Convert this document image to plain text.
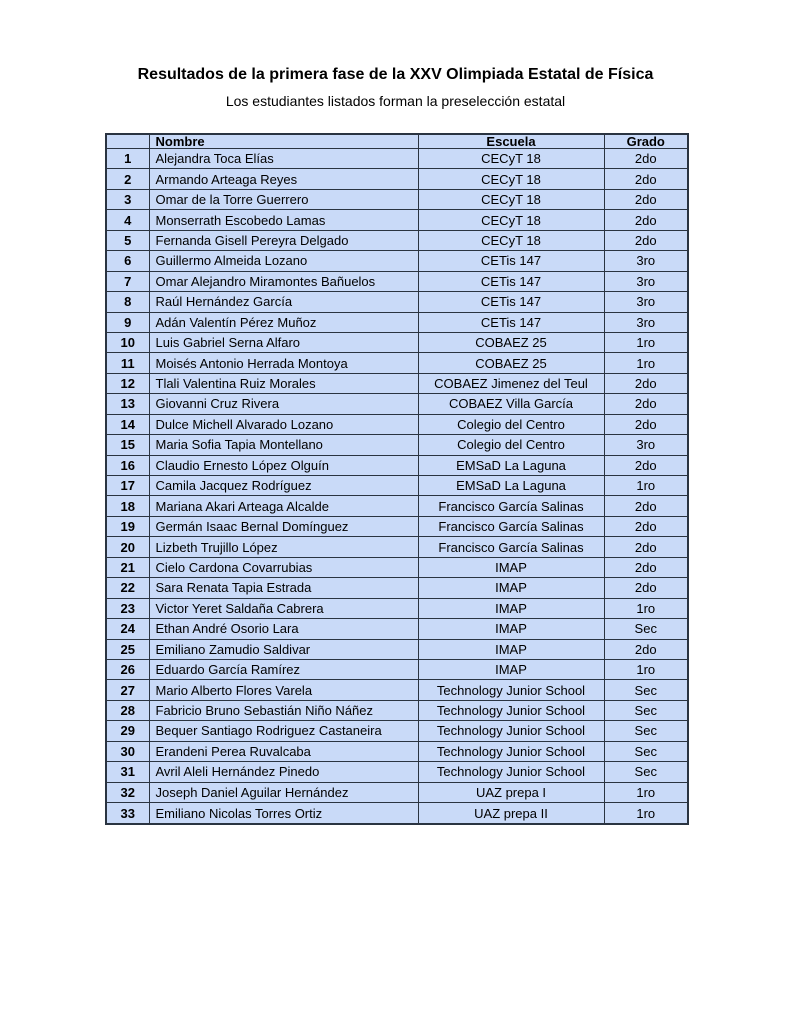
Resultados de la primera fase de la XXV Olimpiada Estatal de Física

Los estudiantes listados forman la preselección estatal

	Nombre	Escuela	Grado
1	Alejandra Toca Elías	CECyT 18	2do
2	Armando Arteaga Reyes	CECyT 18	2do
3	Omar de la Torre Guerrero	CECyT 18	2do
4	Monserrath Escobedo Lamas	CECyT 18	2do
5	Fernanda Gisell Pereyra Delgado	CECyT 18	2do
6	Guillermo Almeida Lozano	CETis 147	3ro
7	Omar Alejandro Miramontes Bañuelos	CETis 147	3ro
8	Raúl Hernández García	CETis 147	3ro
9	Adán Valentín Pérez Muñoz	CETis 147	3ro
10	Luis Gabriel Serna Alfaro	COBAEZ 25	1ro
11	Moisés Antonio Herrada Montoya	COBAEZ 25	1ro
12	Tlali Valentina Ruiz Morales	COBAEZ Jimenez del Teul	2do
13	Giovanni Cruz Rivera	COBAEZ Villa García	2do
14	Dulce Michell Alvarado Lozano	Colegio del Centro	2do
15	Maria Sofia Tapia Montellano	Colegio del Centro	3ro
16	Claudio Ernesto López Olguín	EMSaD La Laguna	2do
17	Camila Jacquez Rodríguez	EMSaD La Laguna	1ro
18	Mariana Akari Arteaga Alcalde	Francisco García Salinas	2do
19	Germán Isaac Bernal Domínguez	Francisco García Salinas	2do
20	Lizbeth Trujillo López	Francisco García Salinas	2do
21	Cielo Cardona Covarrubias	IMAP	2do
22	Sara Renata Tapia Estrada	IMAP	2do
23	Victor Yeret Saldaña Cabrera	IMAP	1ro
24	Ethan André Osorio Lara	IMAP	Sec
25	Emiliano Zamudio Saldivar	IMAP	2do
26	Eduardo García Ramírez	IMAP	1ro
27	Mario Alberto Flores Varela	Technology Junior School	Sec
28	Fabricio Bruno Sebastián Niño Náñez	Technology Junior School	Sec
29	Bequer Santiago Rodriguez Castaneira	Technology Junior School	Sec
30	Erandeni Perea Ruvalcaba	Technology Junior School	Sec
31	Avril Aleli Hernández Pinedo	Technology Junior School	Sec
32	Joseph Daniel Aguilar Hernández	UAZ prepa I	1ro
33	Emiliano Nicolas Torres Ortiz	UAZ prepa II	1ro
